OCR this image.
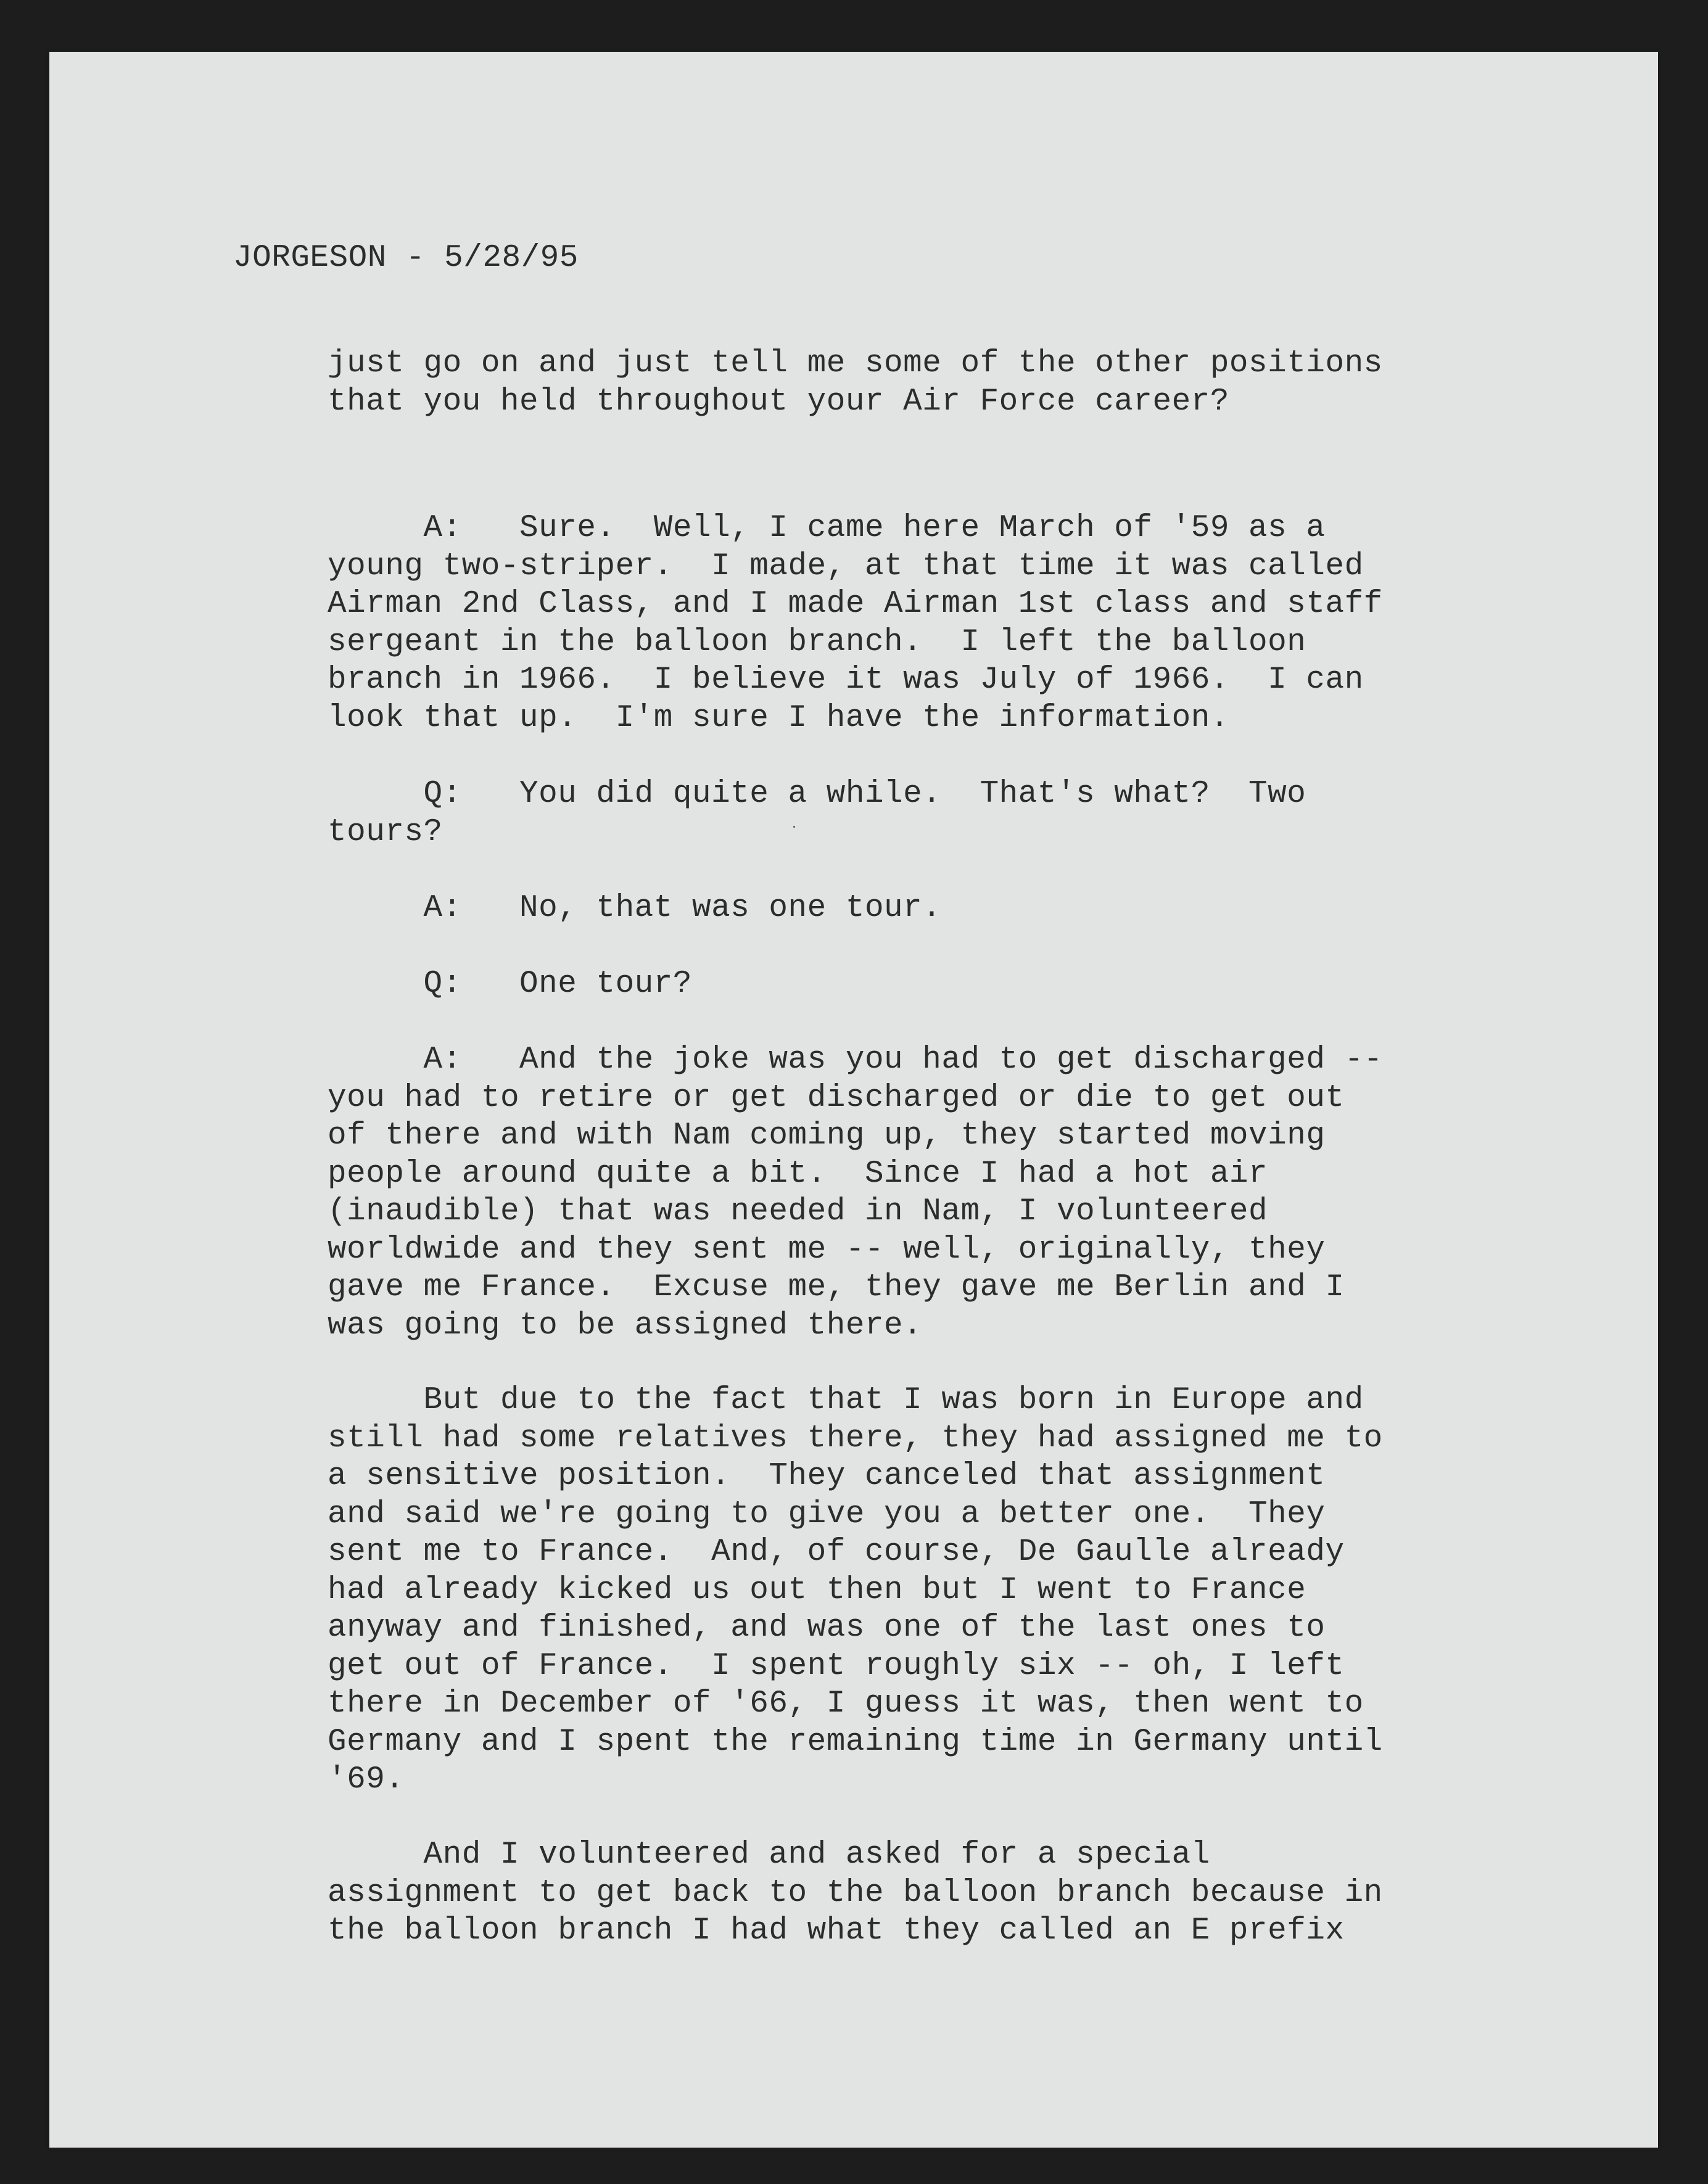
JORGESON - 5/28/95

just go on and just tell me some of the other positions
that you held throughout your Air Force career?

A:   Sure.  Well, I came here March of '59 as a
young two-striper.  I made, at that time it was called
Airman 2nd Class, and I made Airman 1st class and staff
sergeant in the balloon branch.  I left the balloon
branch in 1966.  I believe it was July of 1966.  I can
look that up.  I'm sure I have the information.

Q:   You did quite a while.  That's what?  Two
tours?

A:   No, that was one tour.

Q:   One tour?

A:   And the joke was you had to get discharged --
you had to retire or get discharged or die to get out
of there and with Nam coming up, they started moving
people around quite a bit.  Since I had a hot air
(inaudible) that was needed in Nam, I volunteered
worldwide and they sent me -- well, originally, they
gave me France.  Excuse me, they gave me Berlin and I
was going to be assigned there.

But due to the fact that I was born in Europe and
still had some relatives there, they had assigned me to
a sensitive position.  They canceled that assignment
and said we're going to give you a better one.  They
sent me to France.  And, of course, De Gaulle already
had already kicked us out then but I went to France
anyway and finished, and was one of the last ones to
get out of France.  I spent roughly six -- oh, I left
there in December of '66, I guess it was, then went to
Germany and I spent the remaining time in Germany until
'69.

And I volunteered and asked for a special
assignment to get back to the balloon branch because in
the balloon branch I had what they called an E prefix
